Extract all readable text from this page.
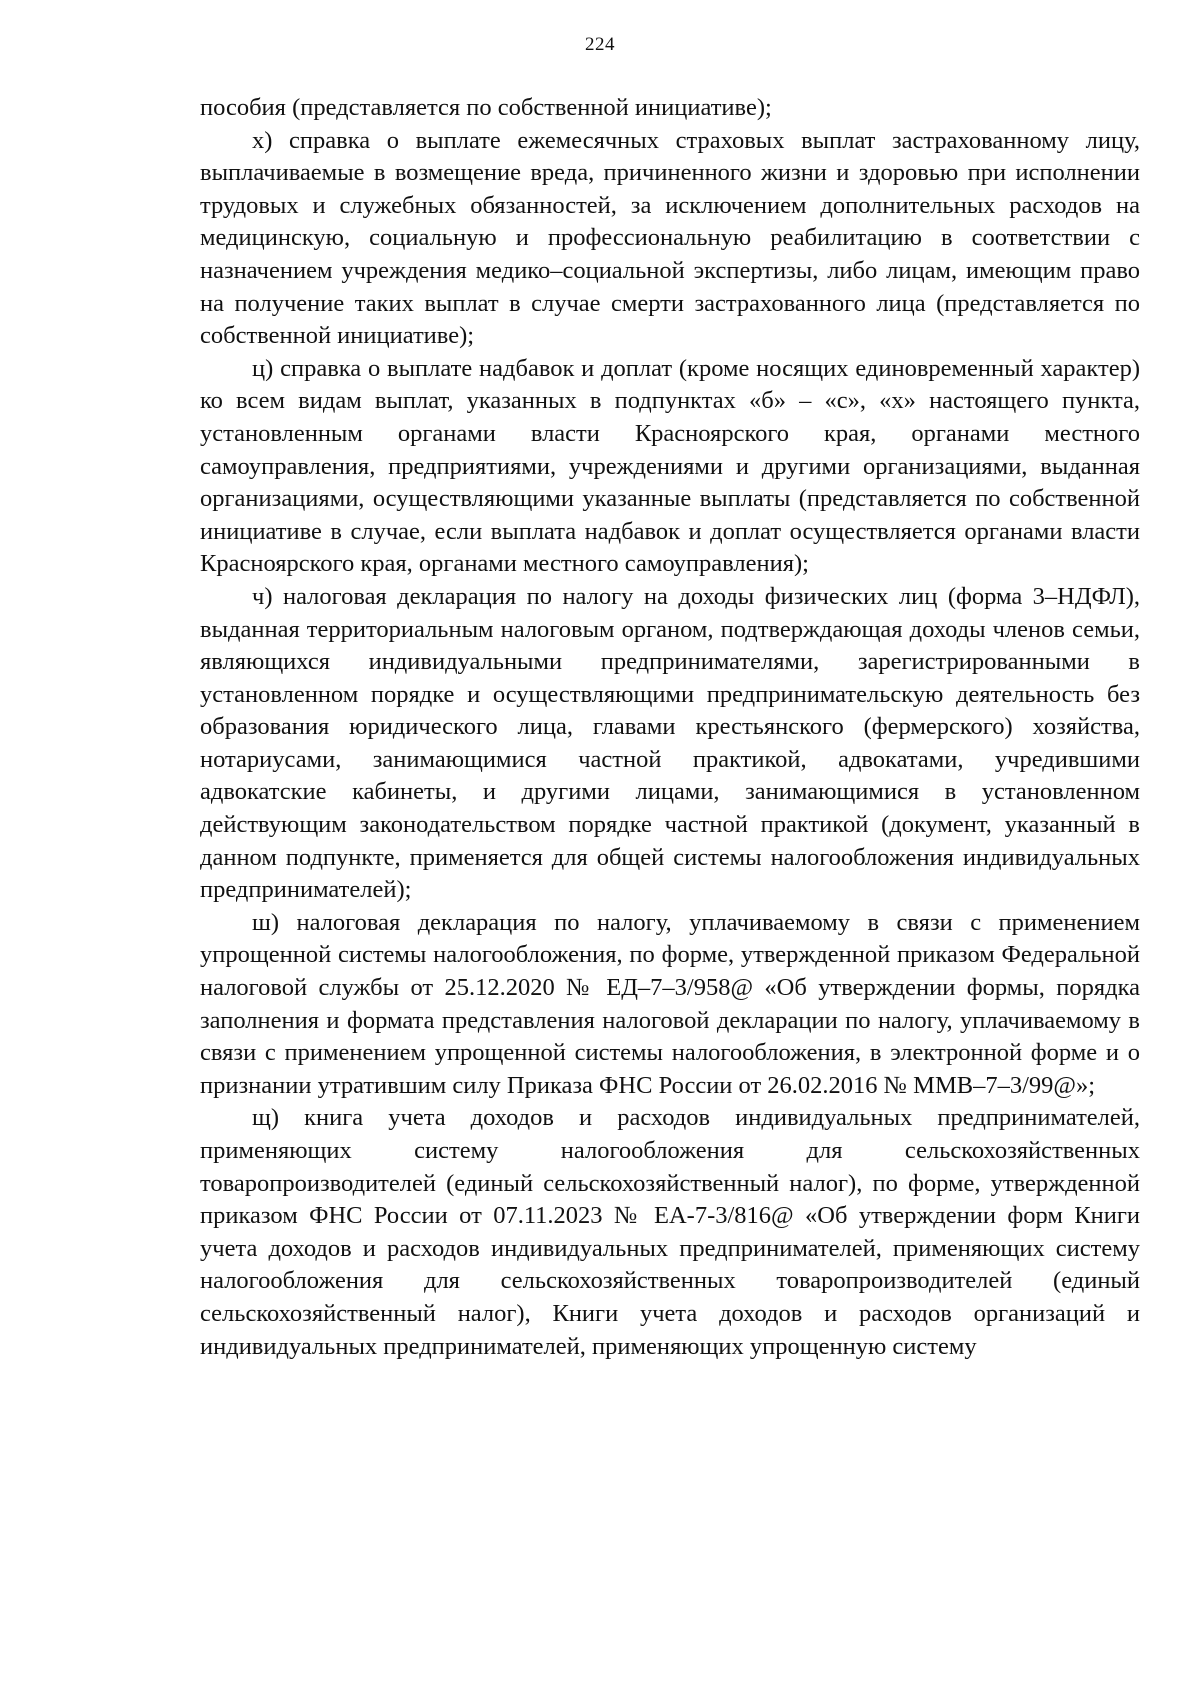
224

пособия (представляется по собственной инициативе);

х) справка о выплате ежемесячных страховых выплат застрахованному лицу, выплачиваемые в возмещение вреда, причиненного жизни и здоровью при исполнении трудовых и служебных обязанностей, за исключением дополнительных расходов на медицинскую, социальную и профессиональную реабилитацию в соответствии с назначением учреждения медико–социальной экспертизы, либо лицам, имеющим право на получение таких выплат в случае смерти застрахованного лица (представляется по собственной инициативе);

ц) справка о выплате надбавок и доплат (кроме носящих единовременный характер) ко всем видам выплат, указанных в подпунктах «б» – «с», «х» настоящего пункта, установленным органами власти Красноярского края, органами местного самоуправления, предприятиями, учреждениями и другими организациями, выданная организациями, осуществляющими указанные выплаты (представляется по собственной инициативе в случае, если выплата надбавок и доплат осуществляется органами власти Красноярского края, органами местного самоуправления);

ч) налоговая декларация по налогу на доходы физических лиц (форма 3–НДФЛ), выданная территориальным налоговым органом, подтверждающая доходы членов семьи, являющихся индивидуальными предпринимателями, зарегистрированными в установленном порядке и осуществляющими предпринимательскую деятельность без образования юридического лица, главами крестьянского (фермерского) хозяйства, нотариусами, занимающимися частной практикой, адвокатами, учредившими адвокатские кабинеты, и другими лицами, занимающимися в установленном действующим законодательством порядке частной практикой (документ, указанный в данном подпункте, применяется для общей системы налогообложения индивидуальных предпринимателей);

ш) налоговая декларация по налогу, уплачиваемому в связи с применением упрощенной системы налогообложения, по форме, утвержденной приказом Федеральной налоговой службы от 25.12.2020 № ЕД–7–3/958@ «Об утверждении формы, порядка заполнения и формата представления налоговой декларации по налогу, уплачиваемому в связи с применением упрощенной системы налогообложения, в электронной форме и о признании утратившим силу Приказа ФНС России от 26.02.2016 № ММВ–7–3/99@»;

щ) книга учета доходов и расходов индивидуальных предпринимателей, применяющих систему налогообложения для сельскохозяйственных товаропроизводителей (единый сельскохозяйственный налог), по форме, утвержденной приказом ФНС России от 07.11.2023 № ЕА-7-3/816@ «Об утверждении форм Книги учета доходов и расходов индивидуальных предпринимателей, применяющих систему налогообложения для сельскохозяйственных товаропроизводителей (единый сельскохозяйственный налог), Книги учета доходов и расходов организаций и индивидуальных предпринимателей, применяющих упрощенную систему
